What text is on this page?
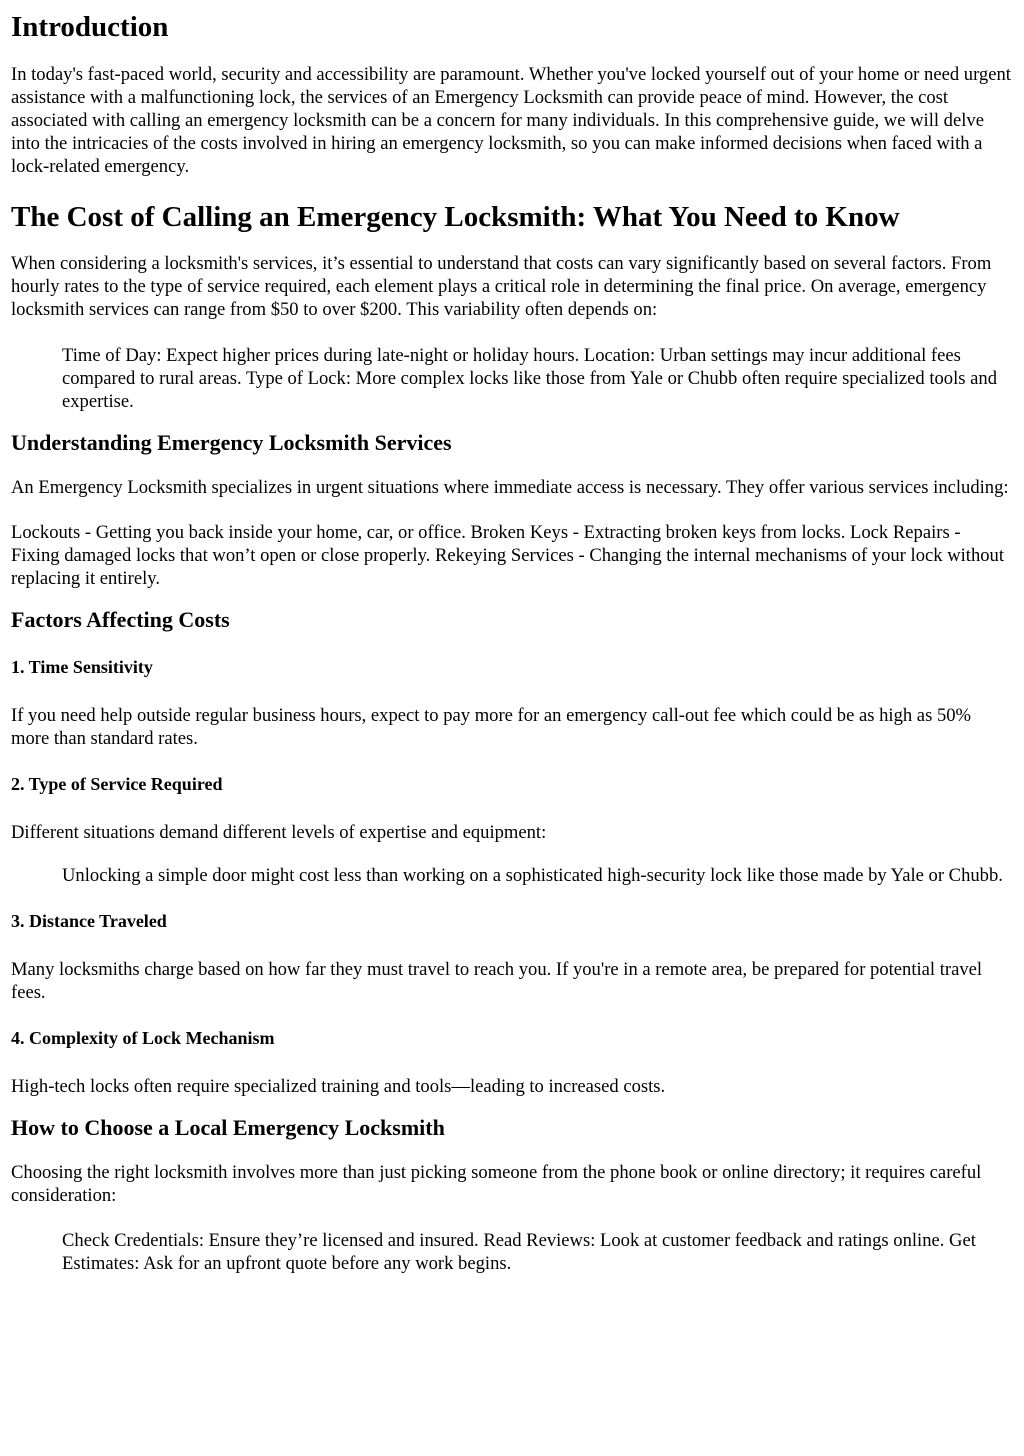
Introduction

In today's fast-paced world, security and accessibility are paramount. Whether you've locked yourself out of your home or need urgent assistance with a malfunctioning lock, the services of an Emergency Locksmith can provide peace of mind. However, the cost associated with calling an emergency locksmith can be a concern for many individuals. In this comprehensive guide, we will delve into the intricacies of the costs involved in hiring an emergency locksmith, so you can make informed decisions when faced with a lock-related emergency.

The Cost of Calling an Emergency Locksmith: What You Need to Know

When considering a locksmith's services, it’s essential to understand that costs can vary significantly based on several factors. From hourly rates to the type of service required, each element plays a critical role in determining the final price. On average, emergency locksmith services can range from $50 to over $200. This variability often depends on:

Time of Day: Expect higher prices during late-night or holiday hours. Location: Urban settings may incur additional fees compared to rural areas. Type of Lock: More complex locks like those from Yale or Chubb often require specialized tools and expertise.

Understanding Emergency Locksmith Services

An Emergency Locksmith specializes in urgent situations where immediate access is necessary. They offer various services including:

Lockouts - Getting you back inside your home, car, or office. Broken Keys - Extracting broken keys from locks. Lock Repairs - Fixing damaged locks that won’t open or close properly. Rekeying Services - Changing the internal mechanisms of your lock without replacing it entirely.

Factors Affecting Costs
1. Time Sensitivity

If you need help outside regular business hours, expect to pay more for an emergency call-out fee which could be as high as 50% more than standard rates.

2. Type of Service Required

Different situations demand different levels of expertise and equipment:

Unlocking a simple door might cost less than working on a sophisticated high-security lock like those made by Yale or Chubb.

3. Distance Traveled

Many locksmiths charge based on how far they must travel to reach you. If you're in a remote area, be prepared for potential travel fees.

4. Complexity of Lock Mechanism

High-tech locks often require specialized training and tools—leading to increased costs.

How to Choose a Local Emergency Locksmith

Choosing the right locksmith involves more than just picking someone from the phone book or online directory; it requires careful consideration:

Check Credentials: Ensure they’re licensed and insured. Read Reviews: Look at customer feedback and ratings online. Get Estimates: Ask for an upfront quote before any work begins.
